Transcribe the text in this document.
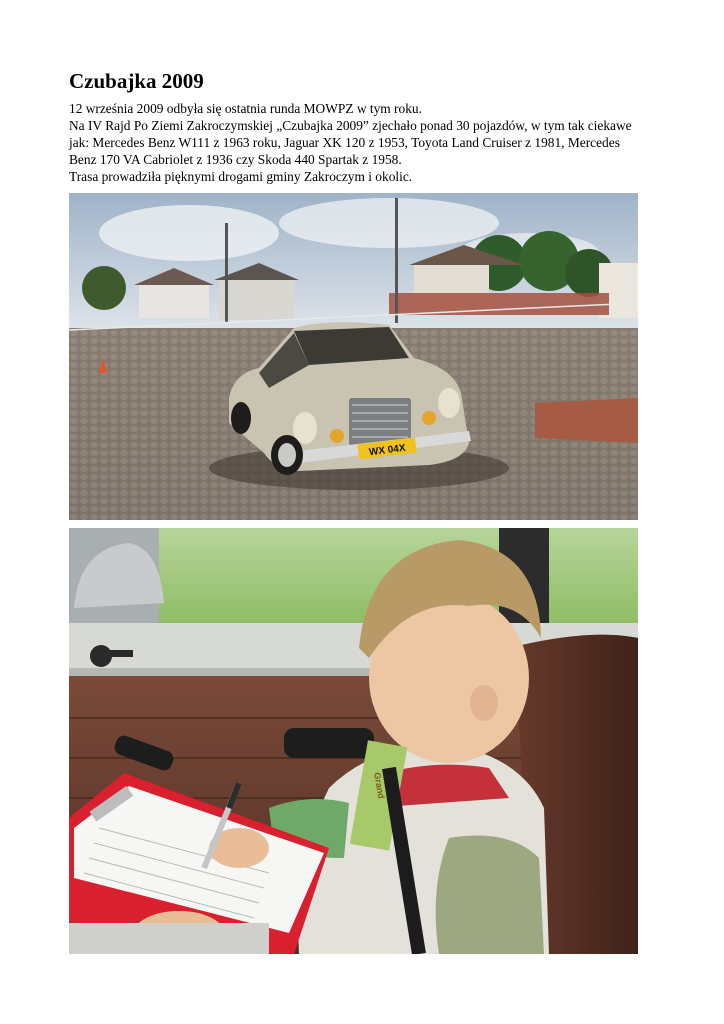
Czubajka 2009

12 września 2009 odbyła się ostatnia runda MOWPZ w tym roku.

Na IV Rajd Po Ziemi Zakroczymskiej „Czubajka 2009” zjechało ponad 30 pojazdów, w tym tak ciekawe jak: Mercedes Benz W111 z 1963 roku, Jaguar XK 120 z 1953, Toyota Land Cruiser z 1981, Mercedes Benz 170 VA Cabriolet z 1936 czy Skoda 440 Spartak z 1958.

Trasa prowadziła pięknymi drogami gminy Zakroczym i okolic.

WX 04X
Grand
